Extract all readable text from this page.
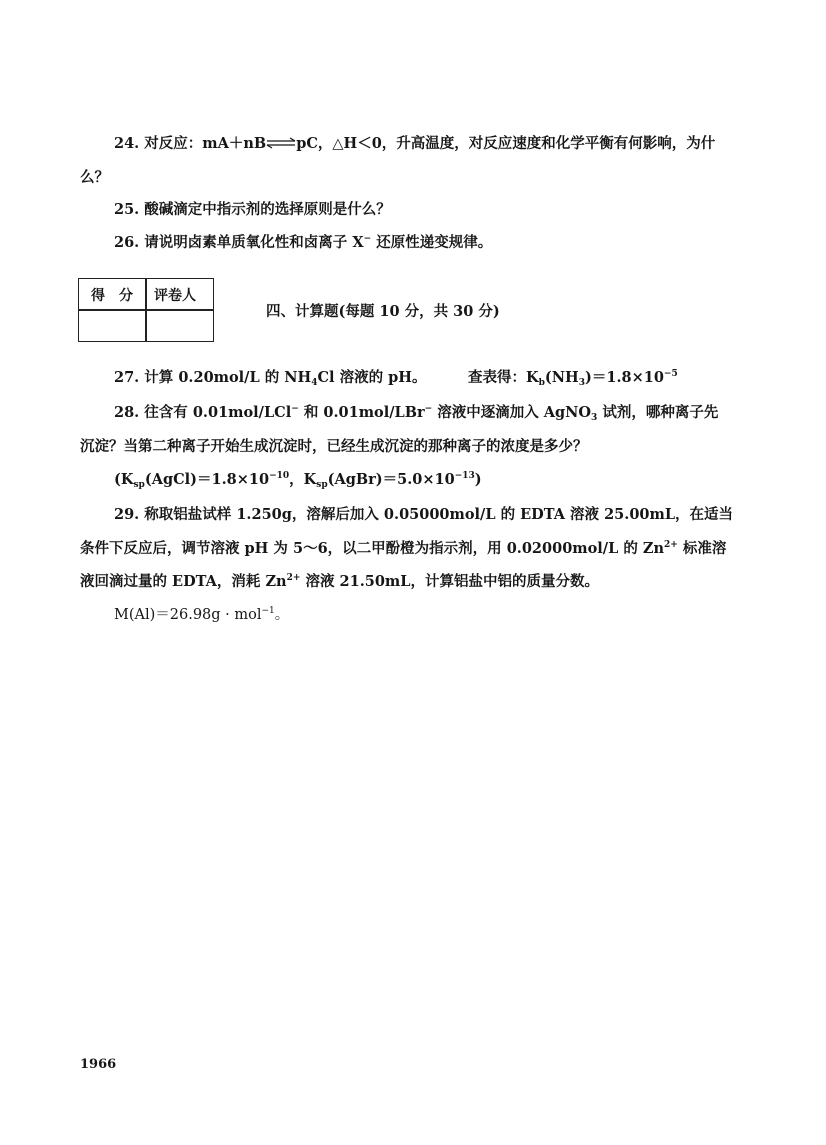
24. 对反应：mA＋nB⇌pC，△H＜0，升高温度，对反应速度和化学平衡有何影响，为什
么？
25. 酸碱滴定中指示剂的选择原则是什么？
26. 请说明卤素单质氧化性和卤离子 X− 还原性递变规律。
得　分 评卷人
四、计算题(每题 10 分，共 30 分)
27. 计算 0.20mol/L 的 $NH_4Cl$ 溶液的 pH。	查表得：$K_b(NH_3)=1.8\times 10^{-5}$
28. 往含有 0.01mol/LCl− 和 0.01mol/LBr− 溶液中逐滴加入 AgNO$_3$ 试剂，哪种离子先
沉淀？当第二种离子开始生成沉淀时，已经生成沉淀的那种离子的浓度是多少？
($K_{sp}(AgCl)=1.8\times 10^{-10}$，$K_{sp}(AgBr)=5.0\times 10^{-13}$)
29. 称取铝盐试样 1.250g，溶解后加入 0.05000mol/L 的 EDTA 溶液 25.00mL，在适当
条件下反应后，调节溶液 pH 为 5～6，以二甲酚橙为指示剂，用 0.02000mol/L 的 $Zn^{2+}$ 标准溶
液回滴过量的 EDTA，消耗 $Zn^{2+}$ 溶液 21.50mL，计算铝盐中铝的质量分数。
M(Al)＝26.98g · mol$^{-1}$。
1966
